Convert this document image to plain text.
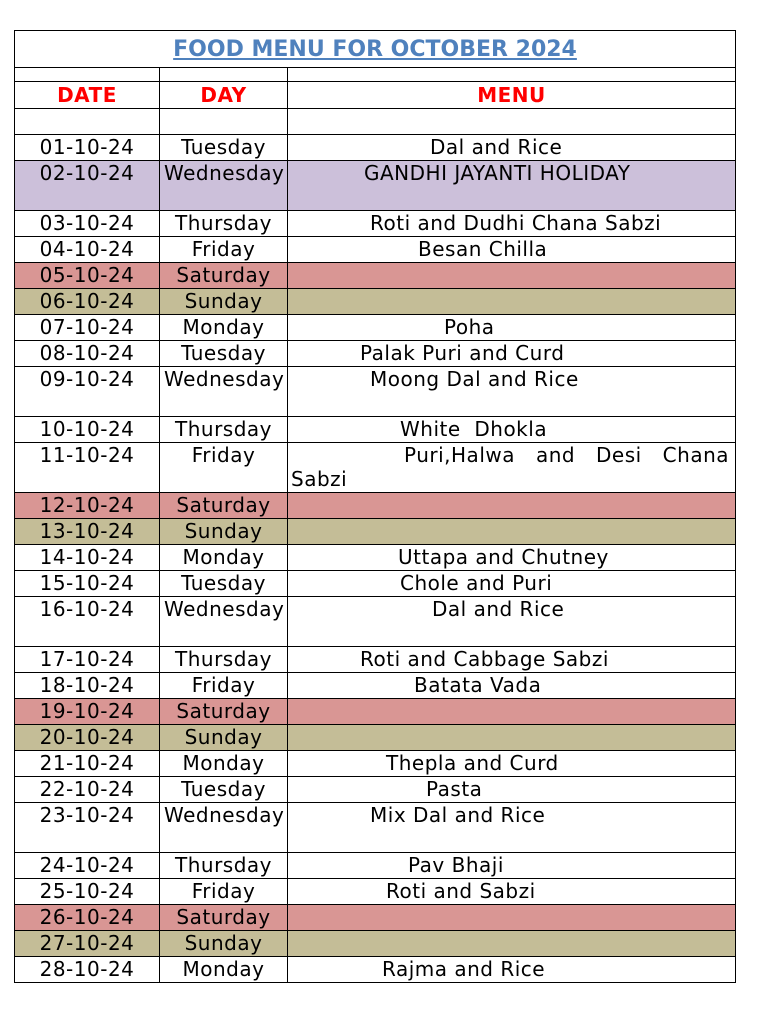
FOOD MENU FOR OCTOBER 2024		

DATE	DAY	MENU

01-10-24	Tuesday	Dal and Rice

02-10-24	Wednesday	GANDHI JAYANTI HOLIDAY

03-10-24	Thursday	Roti and Dudhi Chana Sabzi

04-10-24	Friday	Besan Chilla

05-10-24	Saturday	

06-10-24	Sunday	

07-10-24	Monday	Poha

08-10-24	Tuesday	Palak Puri and Curd

09-10-24	Wednesday	Moong Dal and Rice

10-10-24	Thursday	White  Dhokla

11-10-24	Friday	Puri,Halwa and Desi Chana Sabzi

12-10-24	Saturday	

13-10-24	Sunday	

14-10-24	Monday	Uttapa and Chutney

15-10-24	Tuesday	Chole and Puri

16-10-24	Wednesday	Dal and Rice

17-10-24	Thursday	Roti and Cabbage Sabzi

18-10-24	Friday	Batata Vada

19-10-24	Saturday	

20-10-24	Sunday	

21-10-24	Monday	Thepla and Curd

22-10-24	Tuesday	Pasta

23-10-24	Wednesday	Mix Dal and Rice

24-10-24	Thursday	Pav Bhaji

25-10-24	Friday	Roti and Sabzi

26-10-24	Saturday	

27-10-24	Sunday	

28-10-24	Monday	Rajma and Rice
